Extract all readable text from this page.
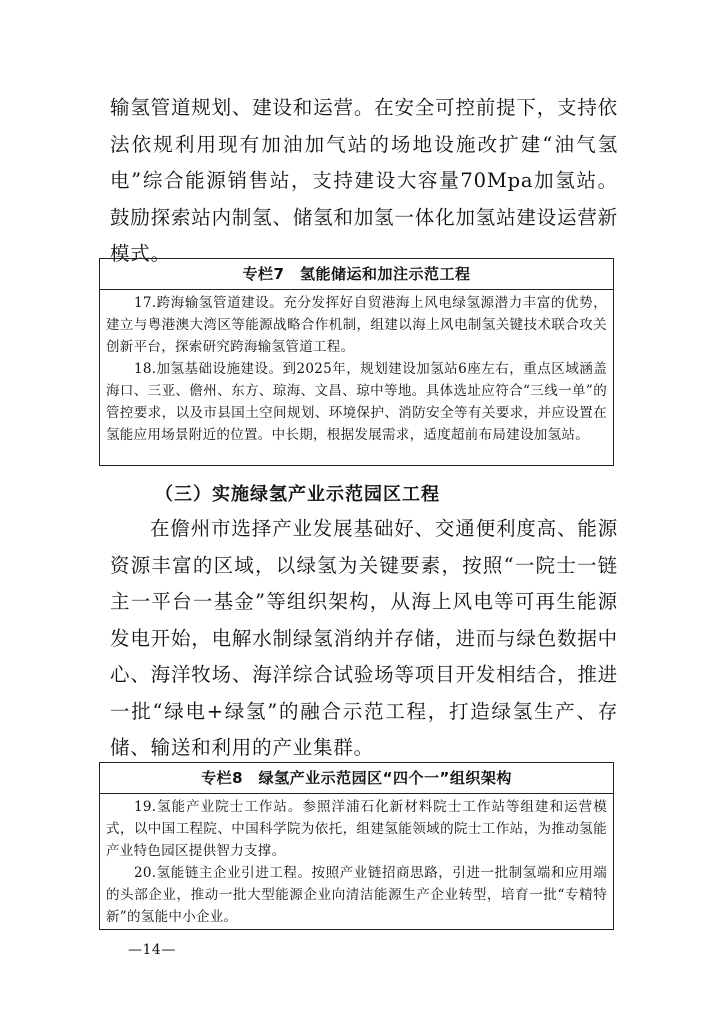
输氢管道规划、建设和运营。在安全可控前提下，支持依法依规利用现有加油加气站的场地设施改扩建“油气氢电”综合能源销售站，支持建设大容量70Mpa加氢站。鼓励探索站内制氢、储氢和加氢一体化加氢站建设运营新模式。

专栏7　氢能储运和加注示范工程

17.跨海输氢管道建设。充分发挥好自贸港海上风电绿氢源潜力丰富的优势，建立与粤港澳大湾区等能源战略合作机制，组建以海上风电制氢关键技术联合攻关创新平台，探索研究跨海输氢管道工程。

18.加氢基础设施建设。到2025年，规划建设加氢站6座左右，重点区域涵盖海口、三亚、儋州、东方、琼海、文昌、琼中等地。具体选址应符合“三线一单”的管控要求，以及市县国土空间规划、环境保护、消防安全等有关要求，并应设置在氢能应用场景附近的位置。中长期，根据发展需求，适度超前布局建设加氢站。

（三）实施绿氢产业示范园区工程

在儋州市选择产业发展基础好、交通便利度高、能源资源丰富的区域，以绿氢为关键要素，按照“一院士一链主一平台一基金”等组织架构，从海上风电等可再生能源发电开始，电解水制绿氢消纳并存储，进而与绿色数据中心、海洋牧场、海洋综合试验场等项目开发相结合，推进一批“绿电+绿氢”的融合示范工程，打造绿氢生产、存储、输送和利用的产业集群。

专栏8　绿氢产业示范园区“四个一”组织架构

19.氢能产业院士工作站。参照洋浦石化新材料院士工作站等组建和运营模式，以中国工程院、中国科学院为依托，组建氢能领域的院士工作站，为推动氢能产业特色园区提供智力支撑。

20.氢能链主企业引进工程。按照产业链招商思路，引进一批制氢端和应用端的头部企业，推动一批大型能源企业向清洁能源生产企业转型，培育一批“专精特新”的氢能中小企业。

—14—
